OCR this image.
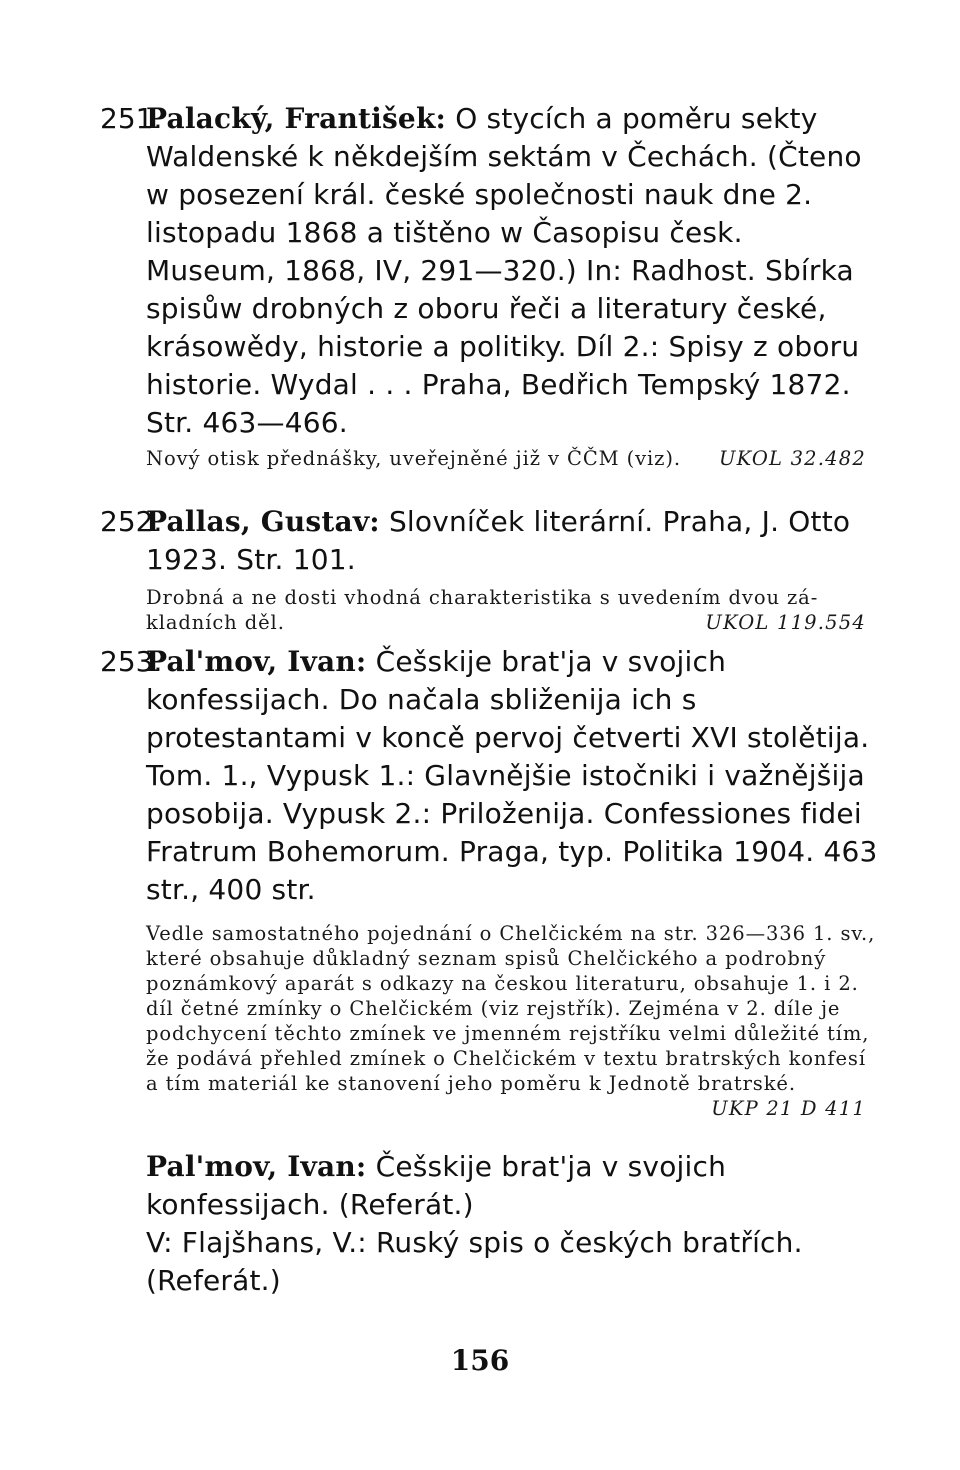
251.
Palacký, František: O stycích a poměru sekty Waldenské k někdejším sektám v Čechách. (Čteno w posezení král. české společnosti nauk dne 2. listopadu 1868 a tištěno w Časopisu česk. Museum, 1868, IV, 291—320.) In: Radhost. Sbírka spisůw drobných z oboru řeči a literatury české, krásowědy, historie a politiky. Díl 2.: Spisy z oboru historie. Wydal . . . Praha, Bedřich Tempský 1872. Str. 463—466.
Nový otisk přednášky, uveřejněné již v ČČM (viz). UKOL 32.482
252.
Pallas, Gustav: Slovníček literární. Praha, J. Otto 1923. Str. 101.
Drobná a ne dosti vhodná charakteristika s uvedením dvou zá-
kladních děl.	UKOL 119.554
253.
Pal'mov, Ivan: Češskije brat'ja v svojich konfessijach. Do načala sbliženija ich s protestantami v koncě pervoj četverti XVI stolětija. Tom. 1., Vypusk 1.: Glavnějšie istočniki i važnějšija posobija. Vypusk 2.: Priloženija. Confessiones fidei Fratrum Bohemorum. Praga, typ. Politika 1904. 463 str., 400 str.
Vedle samostatného pojednání o Chelčickém na str. 326—336 1. sv., které obsahuje důkladný seznam spisů Chelčického a podrobný poznámkový aparát s odkazy na českou literaturu, obsahuje 1. i 2. díl četné zmínky o Chelčickém (viz rejstřík). Zejména v 2. díle je podchycení těchto zmínek ve jmenném rejstříku velmi důležité tím, že podává přehled zmínek o Chelčickém v textu bratrských konfesí a tím materiál ke stanovení jeho poměru k Jednotě bratrské.
UKP 21 D 411
Pal'mov, Ivan: Češskije brat'ja v svojich konfessijach. (Referát.)
V: Flajšhans, V.: Ruský spis o českých bratřích. (Referát.)
156
